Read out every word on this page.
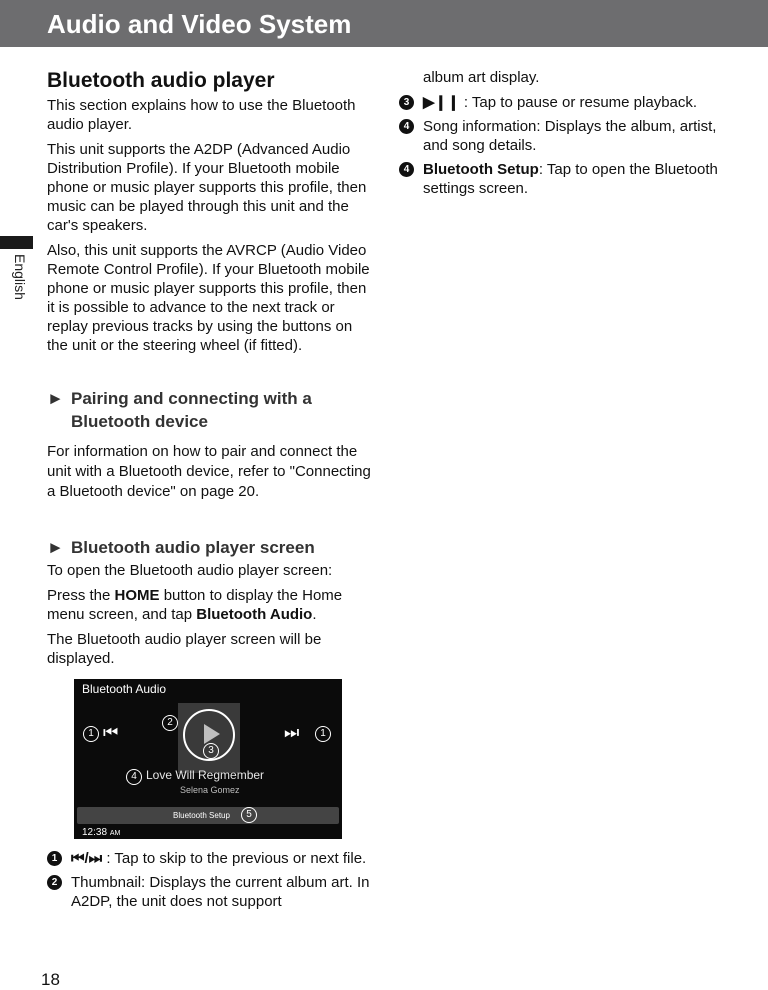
Audio and Video System
English
Bluetooth audio player

This section explains how to use the Bluetooth audio player.

This unit supports the A2DP (Advanced Audio Distribution Profile). If your Bluetooth mobile phone or music player supports this profile, then music can be played through this unit and the car's speakers.

Also, this unit supports the AVRCP (Audio Video Remote Control Profile). If your Bluetooth mobile phone or music player supports this profile, then it is possible to advance to the next track or replay previous tracks by using the buttons on the unit or the steering wheel (if fitted).

► Pairing and connecting with a Bluetooth device

For information on how to pair and connect the unit with a Bluetooth device, refer to "Connecting a Bluetooth device" on page 20.

► Bluetooth audio player screen

To open the Bluetooth audio player screen:

Press the HOME button to display the Home menu screen, and tap Bluetooth Audio.

The Bluetooth audio player screen will be displayed.

Bluetooth Audio
1 ⏮
2
3
⏭	1
4 Love Will Regmember
Selena Gomez
Bluetooth Setup	5
12:38 AM
1 ⏮/⏭ : Tap to skip to the previous or next file.
2 Thumbnail: Displays the current album art. In A2DP, the unit does not support
album art display.
3 ▶❙❙ : Tap to pause or resume playback.
4 Song information: Displays the album, artist, and song details.
4 Bluetooth Setup: Tap to open the Bluetooth settings screen.
18
